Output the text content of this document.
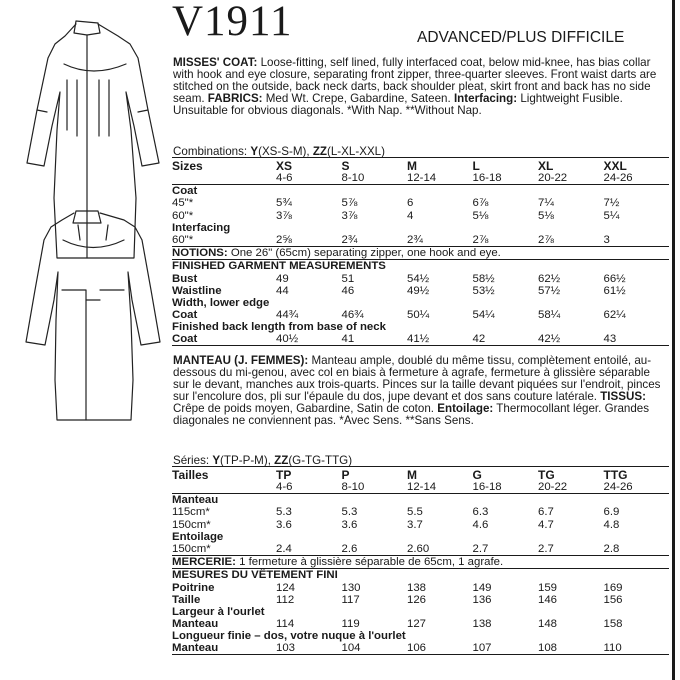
V1911	ADVANCED/PLUS DIFFICILE

MISSES' COAT: Loose-fitting, self lined, fully interfaced coat, below mid-knee, has bias collar with hook and eye closure, separating front zipper, three-quarter sleeves. Front waist darts are stitched on the outside, back neck darts, back shoulder pleat, skirt front and back has no side seam. FABRICS: Med Wt. Crepe, Gabardine, Sateen. Interfacing: Lightweight Fusible. Unsuitable for obvious diagonals. *With Nap. **Without Nap.

Combinations: Y(XS-S-M), ZZ(L-XL-XXL)
Sizes	XS	S	M	L	XL	XXL
	4-6	8-10	12-14	16-18	20-22	24-26
Coat						
45"*	5¾	5⅞	6	6⅞	7¼	7½
60"*	3⅞	3⅞	4	5⅛	5⅛	5¼
Interfacing						
60"*	2⅝	2¾	2¾	2⅞	2⅞	3
NOTIONS: One 26" (65cm) separating zipper, one hook and eye.						
FINISHED GARMENT MEASUREMENTS						
Bust	49	51	54½	58½	62½	66½
Waistline	44	46	49½	53½	57½	61½
Width, lower edge						
Coat	44¾	46¾	50¼	54¼	58¼	62¼
Finished back length from base of neck						
Coat	40½	41	41½	42	42½	43

MANTEAU (J. FEMMES): Manteau ample, doublé du même tissu, complètement entoilé, au-dessous du mi-genou, avec col en biais à fermeture à agrafe, fermeture à glissière séparable sur le devant, manches aux trois-quarts. Pinces sur la taille devant piquées sur l'endroit, pinces sur l'encolure dos, pli sur l'épaule du dos, jupe devant et dos sans couture latérale. TISSUS: Crêpe de poids moyen, Gabardine, Satin de coton. Entoilage: Thermocollant léger. Grandes diagonales ne conviennent pas. *Avec Sens. **Sans Sens.

Séries: Y(TP-P-M), ZZ(G-TG-TTG)
Tailles	TP	P	M	G	TG	TTG
	4-6	8-10	12-14	16-18	20-22	24-26
Manteau						
115cm*	5.3	5.3	5.5	6.3	6.7	6.9
150cm*	3.6	3.6	3.7	4.6	4.7	4.8
Entoilage						
150cm*	2.4	2.6	2.60	2.7	2.7	2.8
MERCERIE: 1 fermeture à glissière séparable de 65cm, 1 agrafe.						
MESURES DU VÊTEMENT FINI						
Poitrine	124	130	138	149	159	169
Taille	112	117	126	136	146	156
Largeur à l'ourlet						
Manteau	114	119	127	138	148	158
Longueur finie – dos, votre nuque à l'ourlet						
Manteau	103	104	106	107	108	110
